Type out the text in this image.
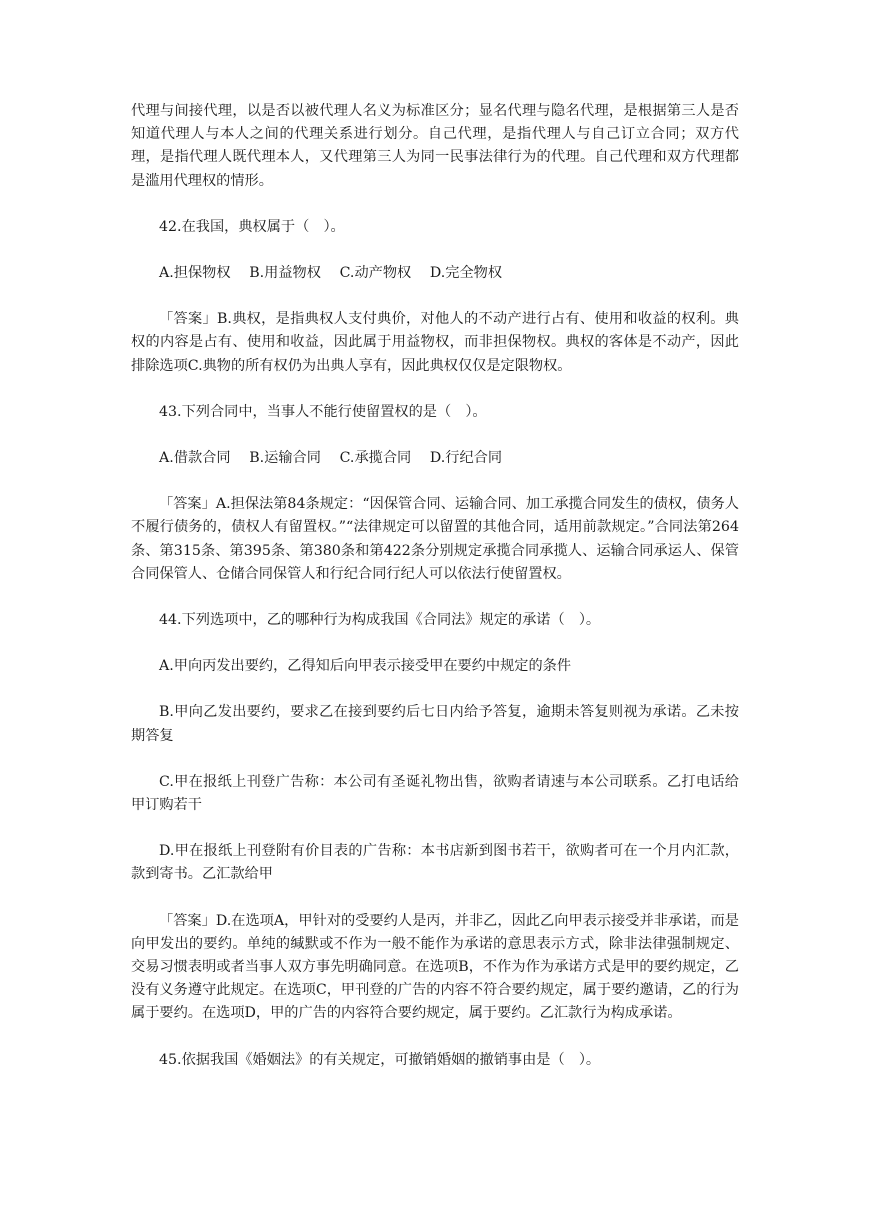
代理与间接代理，以是否以被代理人名义为标准区分；显名代理与隐名代理，是根据第三人是否知道代理人与本人之间的代理关系进行划分。自己代理，是指代理人与自己订立合同；双方代理，是指代理人既代理本人，又代理第三人为同一民事法律行为的代理。自己代理和双方代理都是滥用代理权的情形。

42.在我国，典权属于（　）。

A.担保物权　 B.用益物权　 C.动产物权　 D.完全物权

「答案」B.典权，是指典权人支付典价，对他人的不动产进行占有、使用和收益的权利。典权的内容是占有、使用和收益，因此属于用益物权，而非担保物权。典权的客体是不动产，因此排除选项C.典物的所有权仍为出典人享有，因此典权仅仅是定限物权。

43.下列合同中，当事人不能行使留置权的是（　）。

A.借款合同　 B.运输合同　 C.承揽合同　 D.行纪合同

「答案」A.担保法第84条规定：“因保管合同、运输合同、加工承揽合同发生的债权，债务人不履行债务的，债权人有留置权。”“法律规定可以留置的其他合同，适用前款规定。”合同法第264条、第315条、第395条、第380条和第422条分别规定承揽合同承揽人、运输合同承运人、保管合同保管人、仓储合同保管人和行纪合同行纪人可以依法行使留置权。

44.下列选项中，乙的哪种行为构成我国《合同法》规定的承诺（　）。

A.甲向丙发出要约，乙得知后向甲表示接受甲在要约中规定的条件

B.甲向乙发出要约，要求乙在接到要约后七日内给予答复，逾期未答复则视为承诺。乙未按期答复

C.甲在报纸上刊登广告称：本公司有圣诞礼物出售，欲购者请速与本公司联系。乙打电话给甲订购若干

D.甲在报纸上刊登附有价目表的广告称：本书店新到图书若干，欲购者可在一个月内汇款，款到寄书。乙汇款给甲

「答案」D.在选项A，甲针对的受要约人是丙，并非乙，因此乙向甲表示接受并非承诺，而是向甲发出的要约。单纯的缄默或不作为一般不能作为承诺的意思表示方式，除非法律强制规定、交易习惯表明或者当事人双方事先明确同意。在选项B，不作为作为承诺方式是甲的要约规定，乙没有义务遵守此规定。在选项C，甲刊登的广告的内容不符合要约规定，属于要约邀请，乙的行为属于要约。在选项D，甲的广告的内容符合要约规定，属于要约。乙汇款行为构成承诺。

45.依据我国《婚姻法》的有关规定，可撤销婚姻的撤销事由是（　）。
